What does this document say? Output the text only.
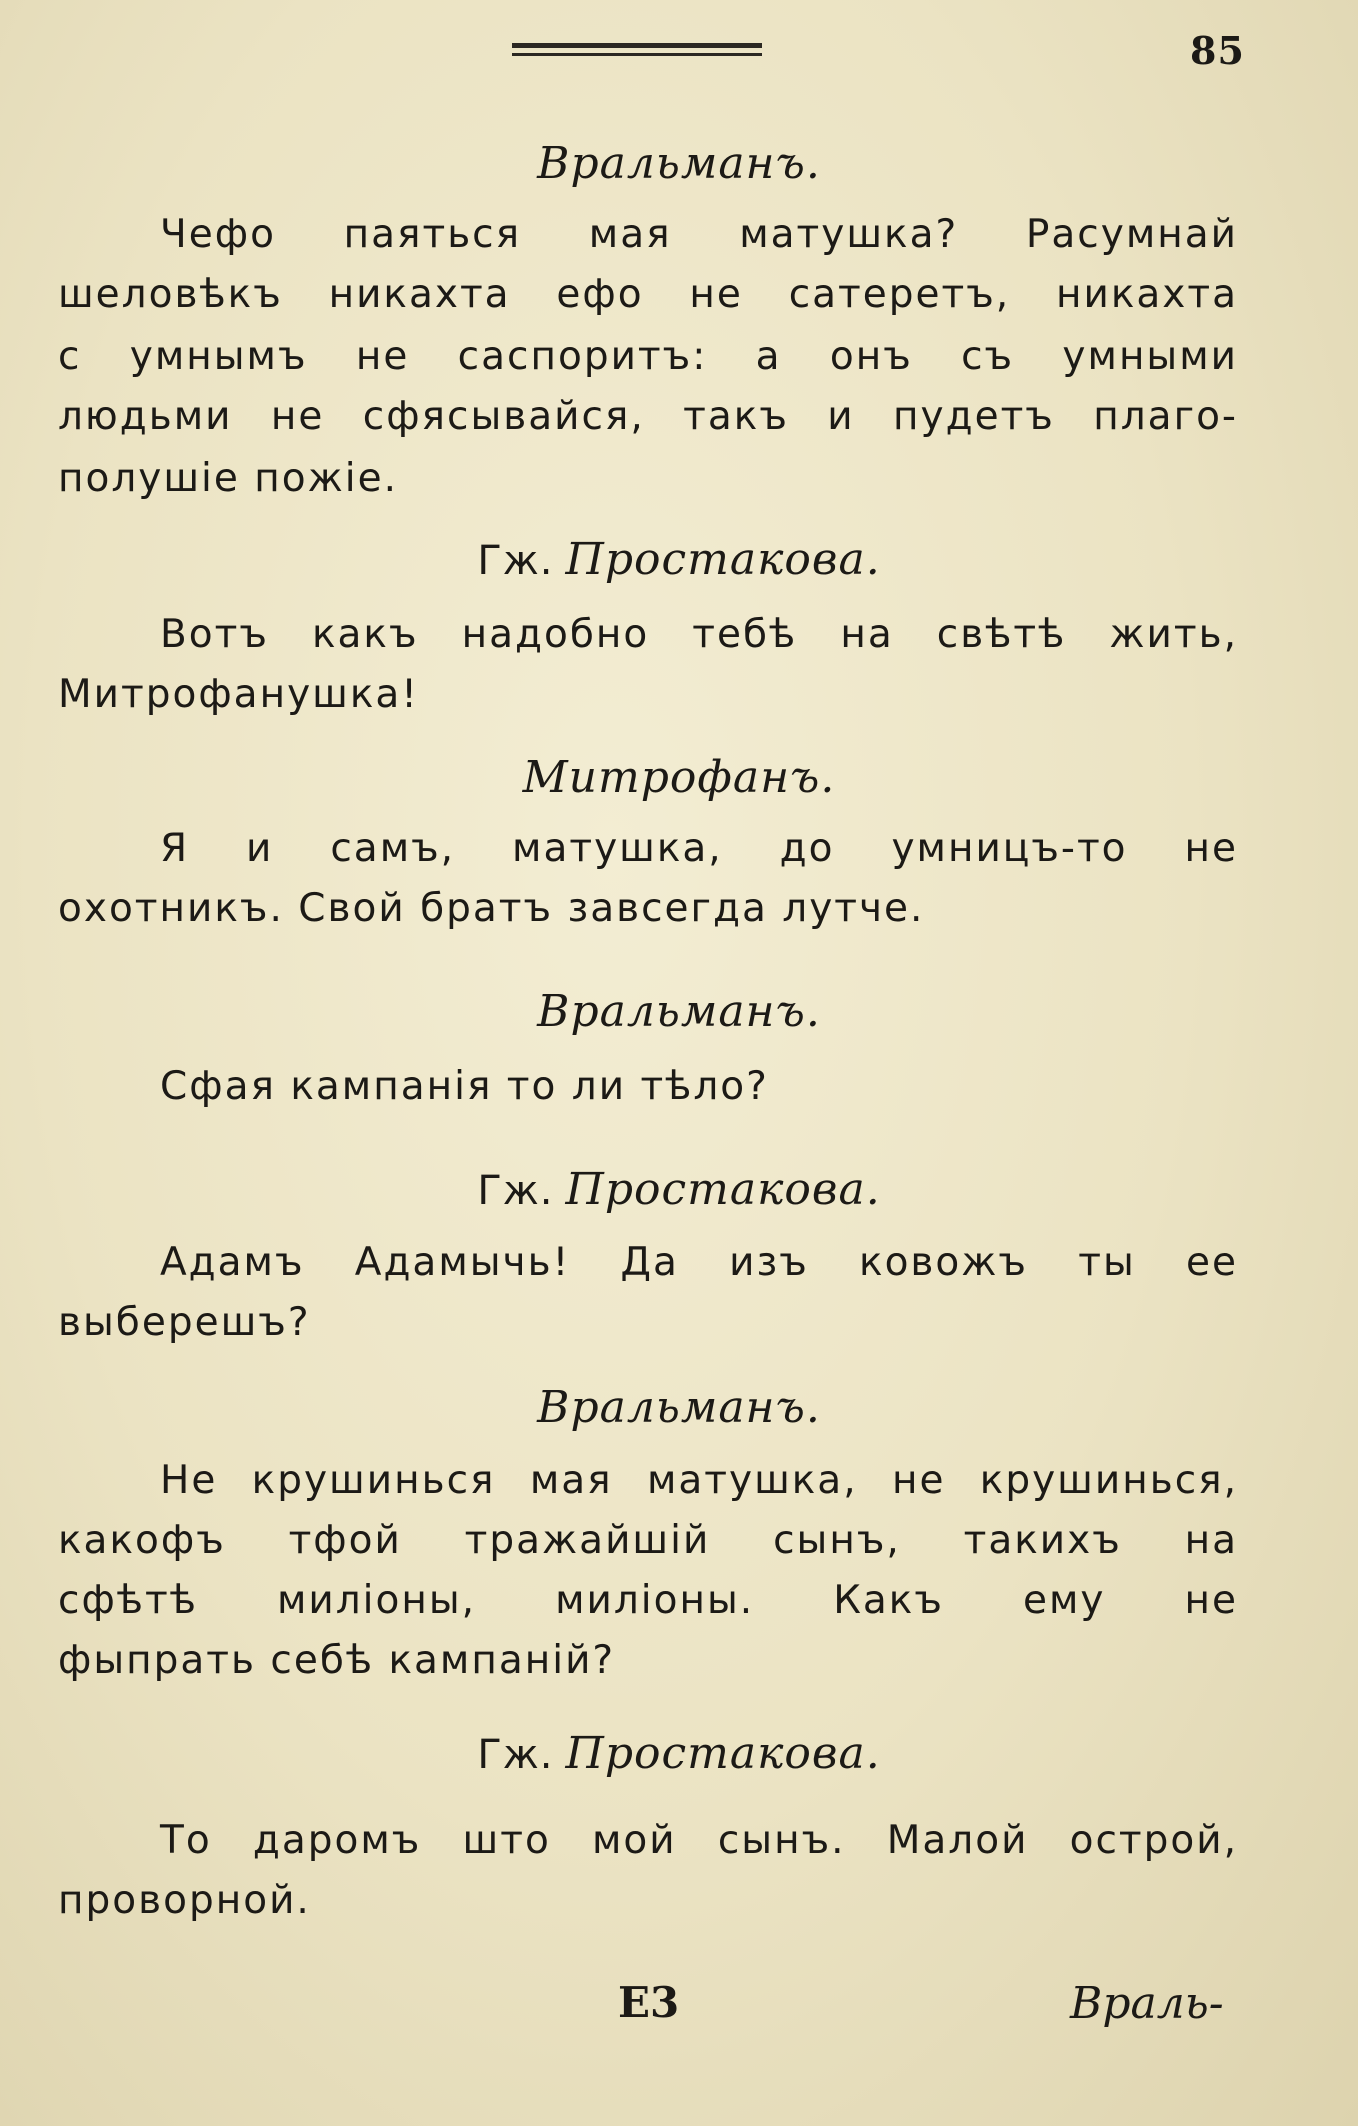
85
Вральманъ.
Чефо паяться мая матушка? Расумнай
шеловѣкъ никахта ефо не сатеретъ, никахта
с умнымъ не саспоритъ: а онъ съ умными
людьми не сфясывайся, такъ и пудетъ плаго-
полушіе пожіе.
Гж. Простакова.
Вотъ какъ надобно тебѣ на свѣтѣ жить,
Митрофанушка!
Митрофанъ.
Я и самъ, матушка, до умницъ-то не
охотникъ. Свой братъ завсегда лутче.
Вральманъ.
Сфая кампанія то ли тѣло?
Гж. Простакова.
Адамъ Адамычь! Да изъ ковожъ ты ее
выберешъ?
Вральманъ.
Не крушинься мая матушка, не крушинься,
какофъ тфой тражайшій сынъ, такихъ на
сфѣтѣ миліоны, миліоны. Какъ ему не
фыпрать себѣ кампаній?
Гж. Простакова.
То даромъ што мой сынъ. Малой острой,
проворной.
E3	Враль-
